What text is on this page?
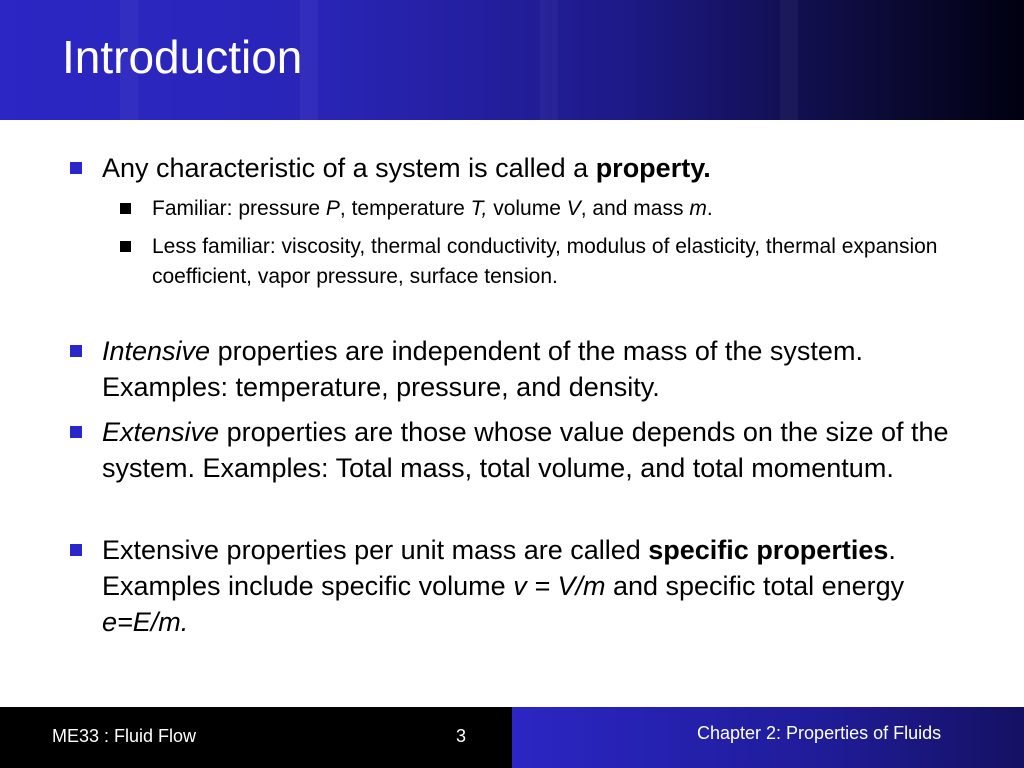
Introduction
Any characteristic of a system is called a property.
Familiar: pressure P, temperature T, volume V, and mass m.
Less familiar: viscosity, thermal conductivity, modulus of elasticity, thermal expansion coefficient, vapor pressure, surface tension.
Intensive properties are independent of the mass of the system. Examples: temperature, pressure, and density.
Extensive properties are those whose value depends on the size of the system. Examples: Total mass, total volume, and total momentum.
Extensive properties per unit mass are called specific properties. Examples include specific volume v = V/m and specific total energy e=E/m.
ME33 : Fluid Flow	3	Chapter 2: Properties of Fluids
